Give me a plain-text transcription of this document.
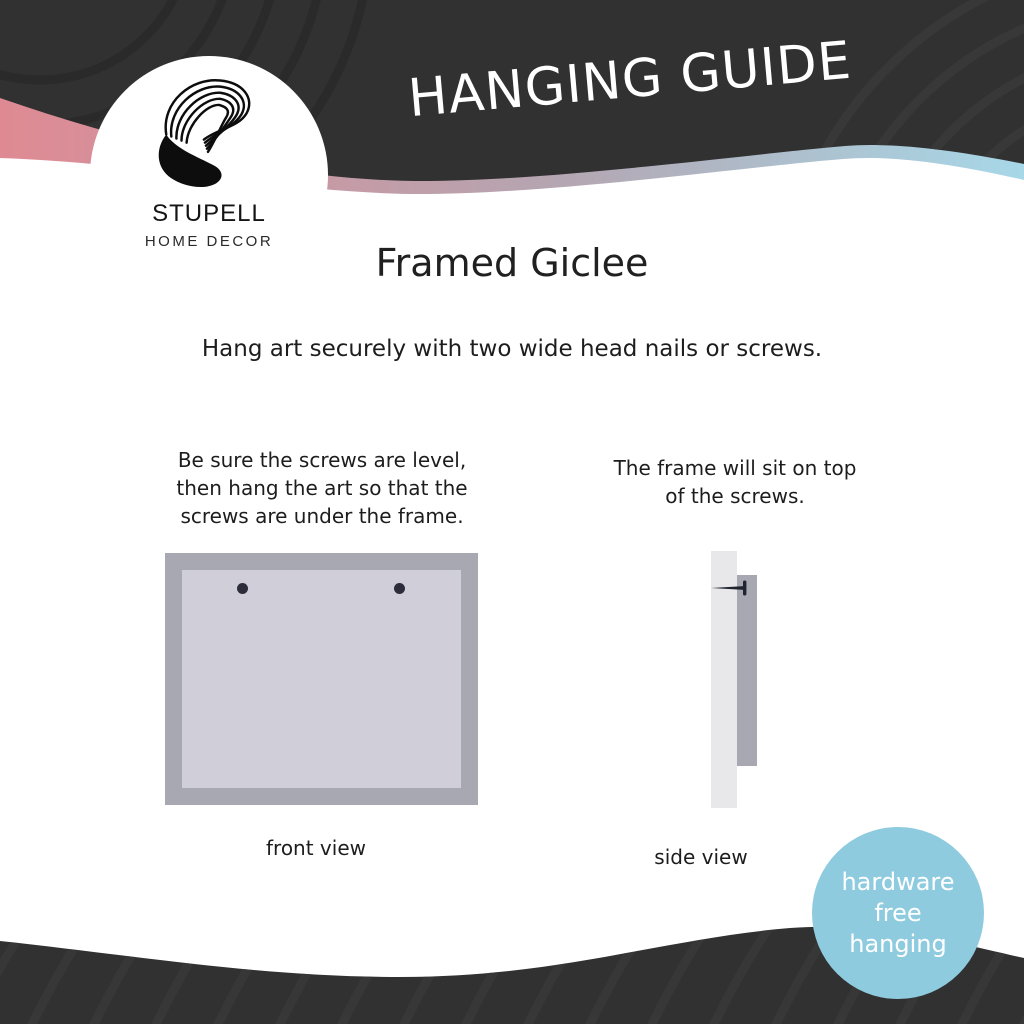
HANGING GUIDE
STUPELL
HOME DECOR	Framed Giclee
Hang art securely with two wide head nails or screws.
Be sure the screws are level,
then hang the art so that the
screws are under the frame.
The frame will sit on top
of the screws.
front view	side view
hardware
free
hanging
